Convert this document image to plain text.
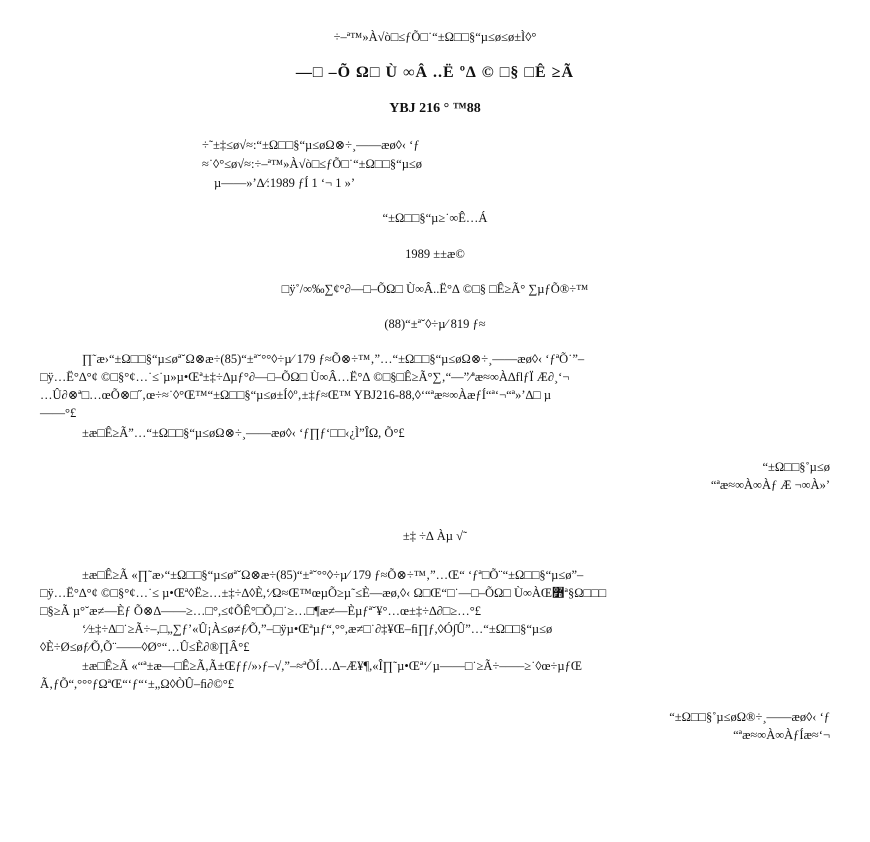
÷–ª™»À√ò□≤ƒÕ□˙“±Ω□□§“µ≤ø≤ø±Ì◊°
—□ –Õ Ω□ Ù ∞Â ..Ë º∆ © □§ □Ê ≥Ã
YBJ 216 ° ™88
÷˜±‡≤ø√≈:“±Ω□□§“µ≤øΩ⊗÷¸——æø◊‹ ‘ƒ
≈˙◊°≤ø√≈:÷–ª™»À√ò□≤ƒÕ□˙“±Ω□□§“µ≤ø
µ——»’∆⁄:1989 ƒÍ 1 ‘¬ 1 »’
“±Ω□□§“µ≥˙∞Ê…Á
1989 ±±æ©
□ÿ˚/∞‰∑¢°∂—□–ÕΩ□ Ù∞Â..Ë°∆ ©□§ □Ê≥Ã° ∑µƒÕ®÷™
(88)“±ª˘◊÷µ⁄ 819 ƒ≈
∏˜æ›“±Ω□□§“µ≤øª˘Ω⊗æ÷(85)“±ª˘°°◊÷µ⁄ 179 ƒ≈Õ⊗÷™‚”…“±Ω□□§“µ≤øΩ⊗÷¸——æø◊‹ ‘ƒªÕ˙”–
□ÿ…Ë°∆°¢ ©□§°¢…˙≤˙µ»µ•Œª±‡÷∆µƒ°∂—□–ÕΩ□ Ù∞Â…Ë°∆ ©□§□Ê≥Ã°∑‚“—”⁄ªæ≈∞À∆flƒÏ Æ∂¸‘¬
…Û∂⊗ª□…œÕ⊗□˝‚œ÷≈˙◊°Œ™“±Ω□□§“µ≤ø±Í◊º‚±‡ƒ≈Œ™ YBJ216-88,◊‘“ªæ≈∞ÀæƒÍ“ª‘¬“ª»’∆□ µ
——°£
±æ□Ê≥Ã”…“±Ω□□§“µ≤øΩ⊗÷¸——æø◊‹ ‘ƒ∏ƒ‘□□‹¿Ì”ÎΩ, Õ°£
“±Ω□□§˚µ≤ø
“ªæ≈∞À∞Àƒ Æ ¬∞À»’
±‡ ÷∆ Àµ √˜
±æ□Ê≥Ã «∏˜æ›“±Ω□□§“µ≤øª˘Ω⊗æ÷(85)“±ª˘°°◊÷µ⁄ 179 ƒ≈Õ⊗÷™‚”…Œ“ ‘ƒª□Õ¨“±Ω□□§“µ≤ø”–
□ÿ…Ë°∆°¢ ©□§°¢…˙≤ µ•Œª◊Ë≥…±‡÷∆◊È,‘⁄Ω≈Œ™œµÕ≥µ˜≤È—æø,◊‹ Ω□Œ“□˙—□–ÕΩ□ Ù∞ÀŒ߻ª§Ω□□□
□§≥Ã µ°˘æ≠—Èƒ Õ⊗∆——≥…□°,≤¢ÕÊ°□Õ,□˙≥…□¶æ≠—Èµƒª˘¥°…œ±‡÷∆∂□≥…°£
‘⁄±‡÷∆□˙≥Ã÷–,□„∑ƒ’«Û¡À≤ø≠ƒ⁄Õ,”–□ÿµ•Œªµƒ“,°°,æ≠□˙∂‡¥Œ–ﬁ∏ƒ,◊Ó∫Û”…“±Ω□□§“µ≤ø
◊È÷Ø≤øƒ⁄Õ,Õ¨——◊Ø°“…Û≤È∂®∏Â°£
±æ□Ê≥Ã «“ª±æ—□Ê≥Ã,Ã±Œƒƒ/»›ƒ–√,”–≈ªÕÍ…∆–Æ¥¶,«Î∏˜µ•Œª‘⁄ µ——□˙≥Ã÷–—–≥˙◊œ÷µƒŒ
Ã‚ƒÕ“,°°°ƒΩªŒ“‘ƒ“‘±„Ω◊ÒÛ–ﬁ∂©°£
“±Ω□□§˚µ≤øΩ®÷¸——æø◊‹ ‘ƒ
“ªæ≈∞À∞ÀƒÍæ≈‘¬
